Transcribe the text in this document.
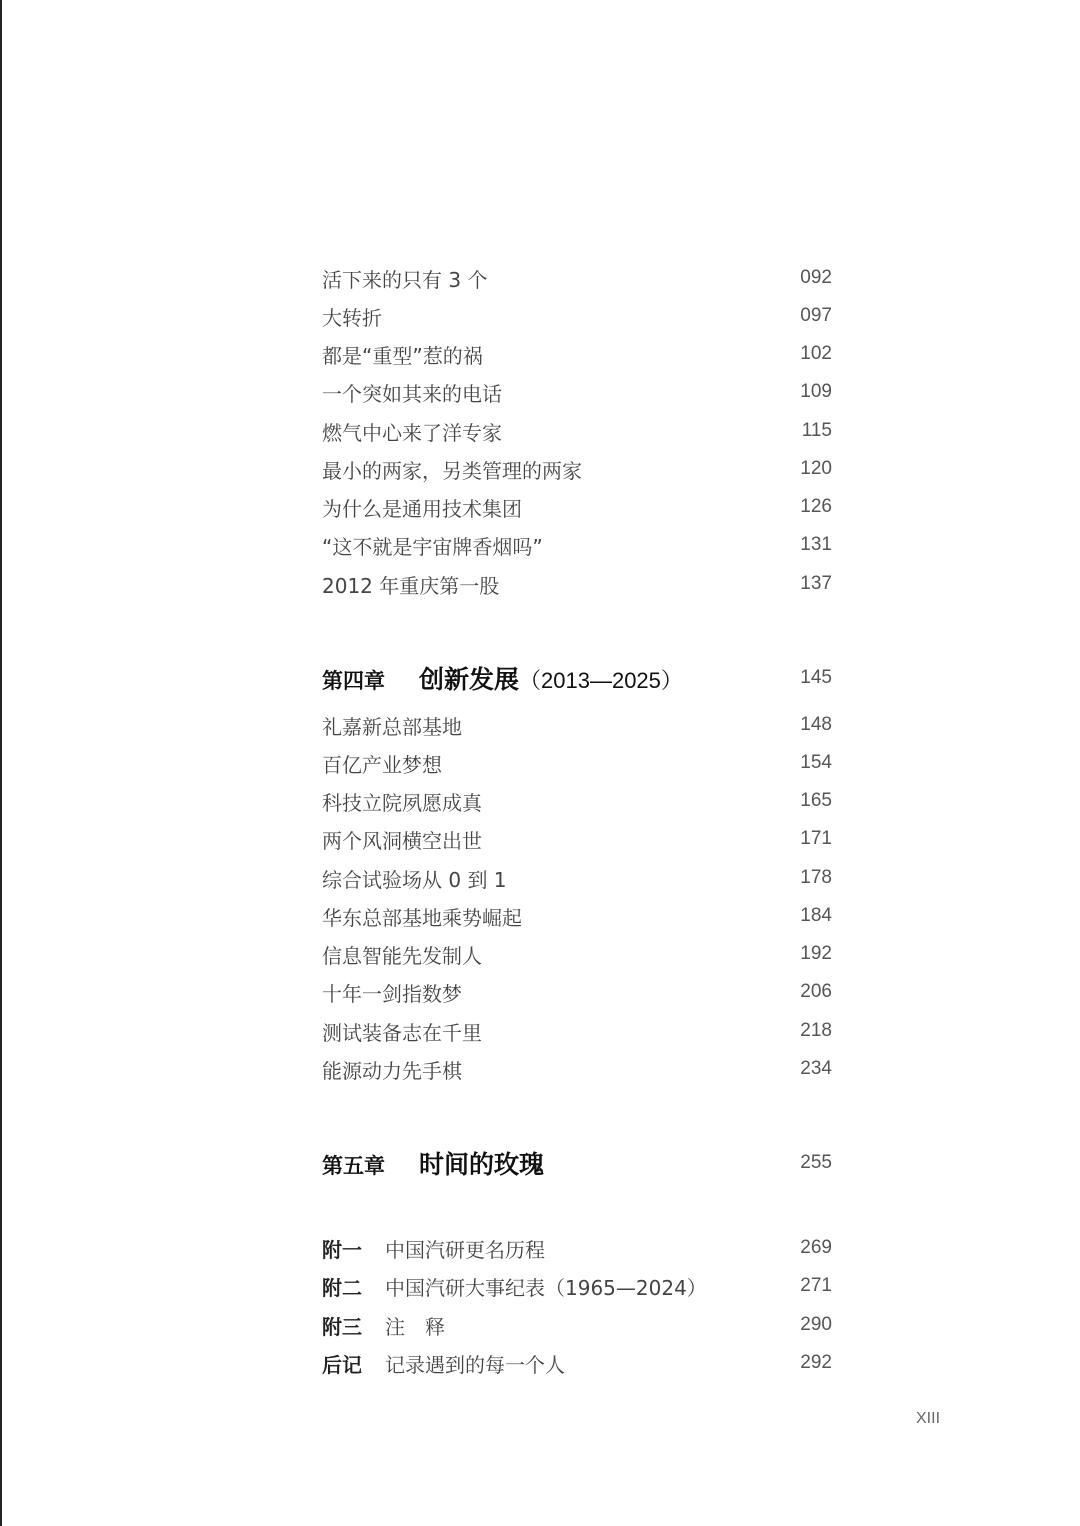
活下来的只有 3 个	092
大转折	097
都是“重型”惹的祸	102
一个突如其来的电话	109
燃气中心来了洋专家	115
最小的两家，另类管理的两家	120
为什么是通用技术集团	126
“这不就是宇宙牌香烟吗”	131
2012 年重庆第一股	137
第四章 创新发展（2013—2025）	145
礼嘉新总部基地	148
百亿产业梦想	154
科技立院夙愿成真	165
两个风洞横空出世	171
综合试验场从 0 到 1	178
华东总部基地乘势崛起	184
信息智能先发制人	192
十年一剑指数梦	206
测试装备志在千里	218
能源动力先手棋	234
第五章 时间的玫瑰	255
附一 中国汽研更名历程	269
附二 中国汽研大事纪表（1965—2024）	271
附三 注　释	290
后记 记录遇到的每一个人	292
XIII
